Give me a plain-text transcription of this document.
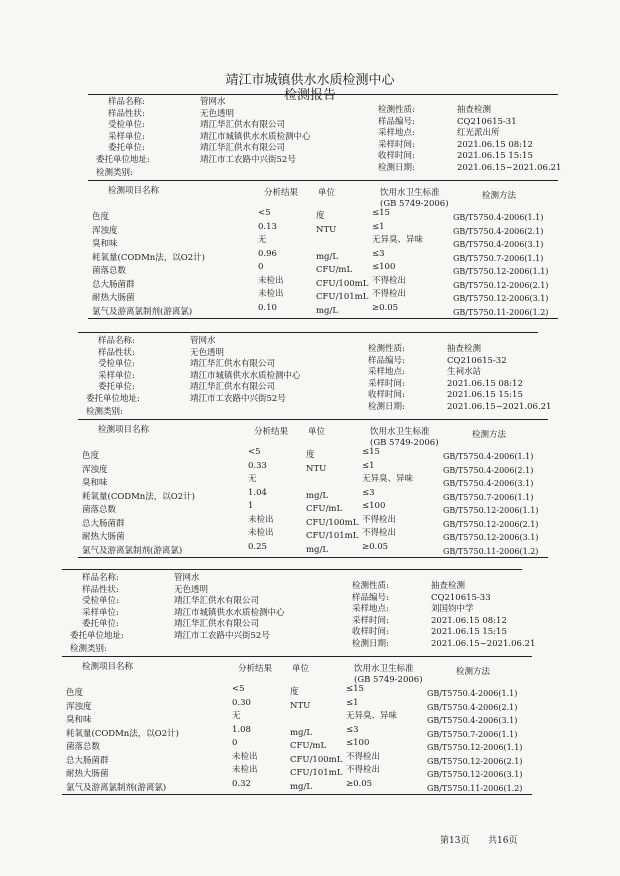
靖江市城镇供水水质检测中心
检测报告
样品名称:	管网水
样品性状:	无色透明
受检单位:	靖江华汇供水有限公司
采样单位:	靖江市城镇供水水质检测中心
委托单位:	靖江华汇供水有限公司
委托单位地址:	靖江市工农路中兴街52号
检测类别:
检测性质:	抽查检测
样品编号:	CQ210615-31
采样地点:	红光派出所
采样时间:	2021.06.15 08:12
收样时间:	2021.06.15 15:15
检测日期:	2021.06.15~2021.06.21
检测项目名称	分析结果 单位	饮用水卫生标准
(GB 5749-2006)
检测方法
色度	<5	度	≤15	GB/T5750.4-2006(1.1)
浑浊度	0.13	NTU	≤1	GB/T5750.4-2006(2.1)
臭和味	无	无异臭、异味	GB/T5750.4-2006(3.1)
耗氧量(CODMn法，以O2计)	0.96	mg/L	≤3	GB/T5750.7-2006(1.1)
菌落总数	0	CFU/mL ≤100	GB/T5750.12-2006(1.1)
总大肠菌群	未检出	CFU/100mL 不得检出	GB/T5750.12-2006(2.1)
耐热大肠菌	未检出	CFU/101mL 不得检出	GB/T5750.12-2006(3.1)
氯气及游离氯制剂(游离氯)	0.10	mg/L	≥0.05	GB/T5750.11-2006(1.2)
样品名称:	管网水
样品性状:	无色透明
受检单位:	靖江华汇供水有限公司
采样单位:	靖江市城镇供水水质检测中心
委托单位:	靖江华汇供水有限公司
委托单位地址:	靖江市工农路中兴街52号
检测类别:
检测性质:	抽查检测
样品编号:	CQ210615-32
采样地点:	生祠水站
采样时间:	2021.06.15 08:12
收样时间:	2021.06.15 15:15
检测日期:	2021.06.15~2021.06.21
检测项目名称	分析结果 单位	饮用水卫生标准
(GB 5749-2006)
检测方法
色度	<5	度	≤15	GB/T5750.4-2006(1.1)
浑浊度	0.33	NTU	≤1	GB/T5750.4-2006(2.1)
臭和味	无	无异臭、异味	GB/T5750.4-2006(3.1)
耗氧量(CODMn法，以O2计)	1.04	mg/L	≤3	GB/T5750.7-2006(1.1)
菌落总数	1	CFU/mL ≤100	GB/T5750.12-2006(1.1)
总大肠菌群	未检出	CFU/100mL 不得检出	GB/T5750.12-2006(2.1)
耐热大肠菌	未检出	CFU/101mL 不得检出	GB/T5750.12-2006(3.1)
氯气及游离氯制剂(游离氯)	0.25	mg/L	≥0.05	GB/T5750.11-2006(1.2)
样品名称:	管网水
样品性状:	无色透明
受检单位:	靖江华汇供水有限公司
采样单位:	靖江市城镇供水水质检测中心
委托单位:	靖江华汇供水有限公司
委托单位地址:	靖江市工农路中兴街52号
检测类别:
检测性质:	抽查检测
样品编号:	CQ210615-33
采样地点:	刘国钧中学
采样时间:	2021.06.15 08:12
收样时间:	2021.06.15 15:15
检测日期:	2021.06.15~2021.06.21
检测项目名称	分析结果 单位	饮用水卫生标准
(GB 5749-2006)
检测方法
色度	<5	度	≤15	GB/T5750.4-2006(1.1)
浑浊度	0.30	NTU	≤1	GB/T5750.4-2006(2.1)
臭和味	无	无异臭、异味	GB/T5750.4-2006(3.1)
耗氧量(CODMn法，以O2计)	1.08	mg/L	≤3	GB/T5750.7-2006(1.1)
菌落总数	0	CFU/mL ≤100	GB/T5750.12-2006(1.1)
总大肠菌群	未检出	CFU/100mL 不得检出	GB/T5750.12-2006(2.1)
耐热大肠菌	未检出	CFU/101mL 不得检出	GB/T5750.12-2006(3.1)
氯气及游离氯制剂(游离氯)	0.32	mg/L	≥0.05	GB/T5750.11-2006(1.2)
第13页 共16页
